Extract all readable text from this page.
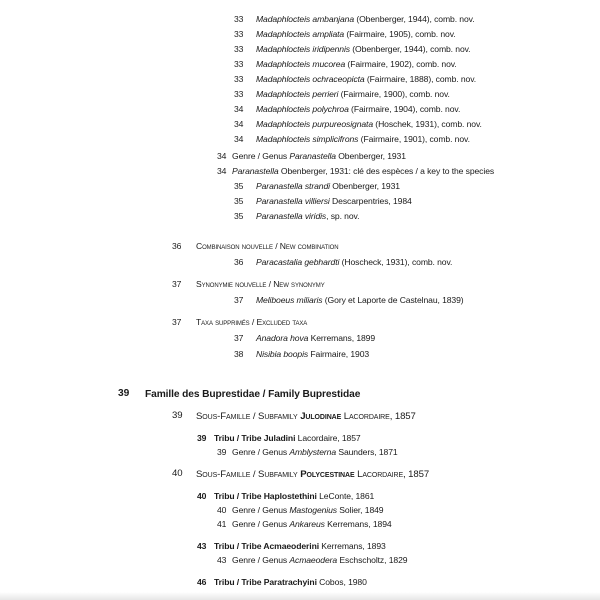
33 Madaphlocteis ambanjana (Obenberger, 1944), comb. nov.
33 Madaphlocteis ampliata (Fairmaire, 1905), comb. nov.
33 Madaphlocteis iridipennis (Obenberger, 1944), comb. nov.
33 Madaphlocteis mucorea (Fairmaire, 1902), comb. nov.
33 Madaphlocteis ochraceopicta (Fairmaire, 1888), comb. nov.
33 Madaphlocteis perrieri (Fairmaire, 1900), comb. nov.
34 Madaphlocteis polychroa (Fairmaire, 1904), comb. nov.
34 Madaphlocteis purpureosignata (Hoschek, 1931), comb. nov.
34 Madaphlocteis simplicifrons (Fairmaire, 1901), comb. nov.
34 Genre / Genus Paranastella Obenberger, 1931
34 Paranastella Obenberger, 1931: clé des espèces / a key to the species
35 Paranastella strandi Obenberger, 1931
35 Paranastella villiersi Descarpentries, 1984
35 Paranastella viridis, sp. nov.
36 Combinaison nouvelle / New combination
36 Paracastalia gebhardti (Hoscheck, 1931), comb. nov.
37 Synonymie nouvelle / New synonymy
37 Meliboeus miliaris (Gory et Laporte de Castelnau, 1839)
37 Taxa supprimés / Excluded taxa
37 Anadora hova Kerremans, 1899
38 Nisibia boopis Fairmaire, 1903
39 Famille des Buprestidae / Family Buprestidae
39 Sous-Famille / Subfamily Julodinae Lacordaire, 1857
39 Tribu / Tribe Juladini Lacordaire, 1857
39 Genre / Genus Amblysterna Saunders, 1871
40 Sous-Famille / Subfamily Polycestinae Lacordaire, 1857
40 Tribu / Tribe Haplostethini LeConte, 1861
40 Genre / Genus Mastogenius Solier, 1849
41 Genre / Genus Ankareus Kerremans, 1894
43 Tribu / Tribe Acmaeoderini Kerremans, 1893
43 Genre / Genus Acmaeodera Eschscholtz, 1829
46 Tribu / Tribe Paratrachyini Cobos, 1980
